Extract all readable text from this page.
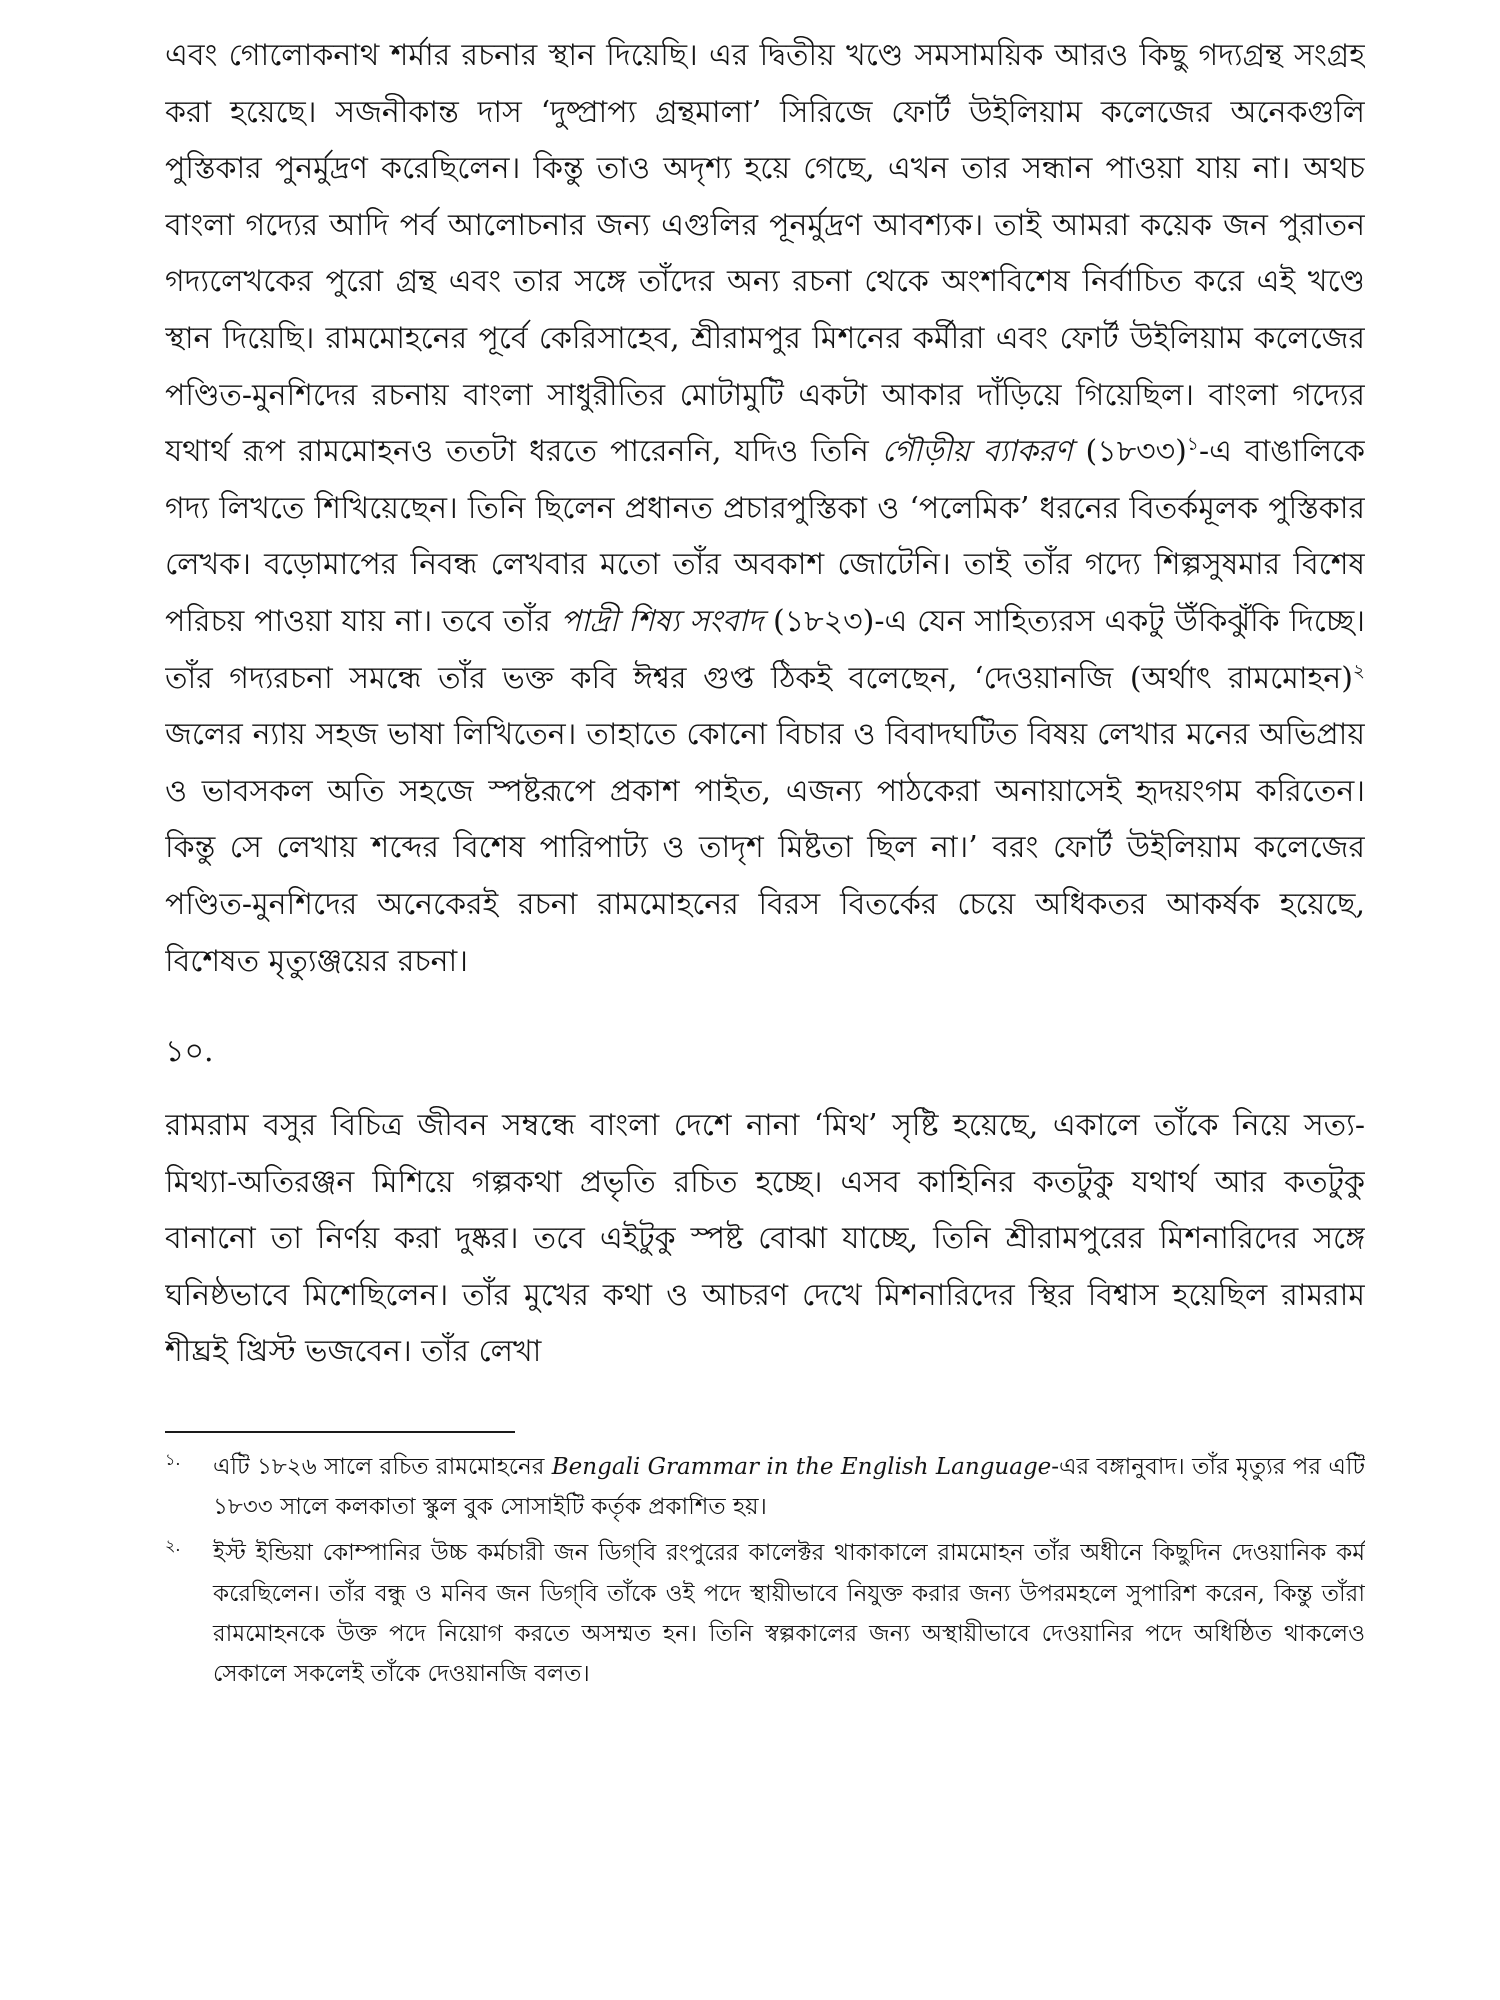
এবং গোলোকনাথ শর্মার রচনার স্থান দিয়েছি। এর দ্বিতীয় খণ্ডে সমসাময়িক আরও কিছু গদ্যগ্রন্থ সংগ্রহ করা হয়েছে। সজনীকান্ত দাস ‘দুষ্প্রাপ্য গ্রন্থমালা’ সিরিজে ফোর্ট উইলিয়াম কলেজের অনেকগুলি পুস্তিকার পুনর্মুদ্রণ করেছিলেন। কিন্তু তাও অদৃশ্য হয়ে গেছে, এখন তার সন্ধান পাওয়া যায় না। অথচ বাংলা গদ্যের আদি পর্ব আলোচনার জন্য এগুলির পূনর্মুদ্রণ আবশ্যক। তাই আমরা কয়েক জন পুরাতন গদ্যলেখকের পুরো গ্রন্থ এবং তার সঙ্গে তাঁদের অন্য রচনা থেকে অংশবিশেষ নির্বাচিত করে এই খণ্ডে স্থান দিয়েছি। রামমোহনের পূর্বে কেরিসাহেব, শ্রীরামপুর মিশনের কর্মীরা এবং ফোর্ট উইলিয়াম কলেজের পণ্ডিত-মুনশিদের রচনায় বাংলা সাধুরীতির মোটামুটি একটা আকার দাঁড়িয়ে গিয়েছিল। বাংলা গদ্যের যথার্থ রূপ রামমোহনও ততটা ধরতে পারেননি, যদিও তিনি গৌড়ীয় ব্যাকরণ (১৮৩৩)$^১$-এ বাঙালিকে গদ্য লিখতে শিখিয়েছেন। তিনি ছিলেন প্রধানত প্রচারপুস্তিকা ও ‘পলেমিক’ ধরনের বিতর্কমূলক পুস্তিকার লেখক। বড়োমাপের নিবন্ধ লেখবার মতো তাঁর অবকাশ জোটেনি। তাই তাঁর গদ্যে শিল্পসুষমার বিশেষ পরিচয় পাওয়া যায় না। তবে তাঁর পাদ্রী শিষ্য সংবাদ (১৮২৩)-এ যেন সাহিত্যরস একটু উঁকিঝুঁকি দিচ্ছে। তাঁর গদ্যরচনা সমন্ধে তাঁর ভক্ত কবি ঈশ্বর গুপ্ত ঠিকই বলেছেন, ‘দেওয়ানজি (অর্থাৎ রামমোহন)$^২$ জলের ন্যায় সহজ ভাষা লিখিতেন। তাহাতে কোনো বিচার ও বিবাদঘটিত বিষয় লেখার মনের অভিপ্রায় ও ভাবসকল অতি সহজে স্পষ্টরূপে প্রকাশ পাইত, এজন্য পাঠকেরা অনায়াসেই হৃদয়ংগম করিতেন। কিন্তু সে লেখায় শব্দের বিশেষ পারিপাট্য ও তাদৃশ মিষ্টতা ছিল না।’ বরং ফোর্ট উইলিয়াম কলেজের পণ্ডিত-মুনশিদের অনেকেরই রচনা রামমোহনের বিরস বিতর্কের চেয়ে অধিকতর আকর্ষক হয়েছে, বিশেষত মৃত্যুঞ্জয়ের রচনা।

১০.

রামরাম বসুর বিচিত্র জীবন সম্বন্ধে বাংলা দেশে নানা ‘মিথ’ সৃষ্টি হয়েছে, একালে তাঁকে নিয়ে সত্য-মিথ্যা-অতিরঞ্জন মিশিয়ে গল্পকথা প্রভৃতি রচিত হচ্ছে। এসব কাহিনির কতটুকু যথার্থ আর কতটুকু বানানো তা নির্ণয় করা দুষ্কর। তবে এইটুকু স্পষ্ট বোঝা যাচ্ছে, তিনি শ্রীরামপুরের মিশনারিদের সঙ্গে ঘনিষ্ঠভাবে মিশেছিলেন। তাঁর মুখের কথা ও আচরণ দেখে মিশনারিদের স্থির বিশ্বাস হয়েছিল রামরাম শীঘ্রই খ্রিস্ট ভজবেন। তাঁর লেখা

১.	এটি ১৮২৬ সালে রচিত রামমোহনের Bengali Grammar in the English Language-এর বঙ্গানুবাদ। তাঁর মৃত্যুর পর এটি ১৮৩৩ সালে কলকাতা স্কুল বুক সোসাইটি কর্তৃক প্রকাশিত হয়।

২.	ইস্ট ইন্ডিয়া কোম্পানির উচ্চ কর্মচারী জন ডিগ্‌বি রংপুরের কালেক্টর থাকাকালে রামমোহন তাঁর অধীনে কিছুদিন দেওয়ানিক কর্ম করেছিলেন। তাঁর বন্ধু ও মনিব জন ডিগ্‌বি তাঁকে ওই পদে স্থায়ীভাবে নিযুক্ত করার জন্য উপরমহলে সুপারিশ করেন, কিন্তু তাঁরা রামমোহনকে উক্ত পদে নিয়োগ করতে অসম্মত হন। তিনি স্বল্পকালের জন্য অস্থায়ীভাবে দেওয়ানির পদে অধিষ্ঠিত থাকলেও সেকালে সকলেই তাঁকে দেওয়ানজি বলত।
